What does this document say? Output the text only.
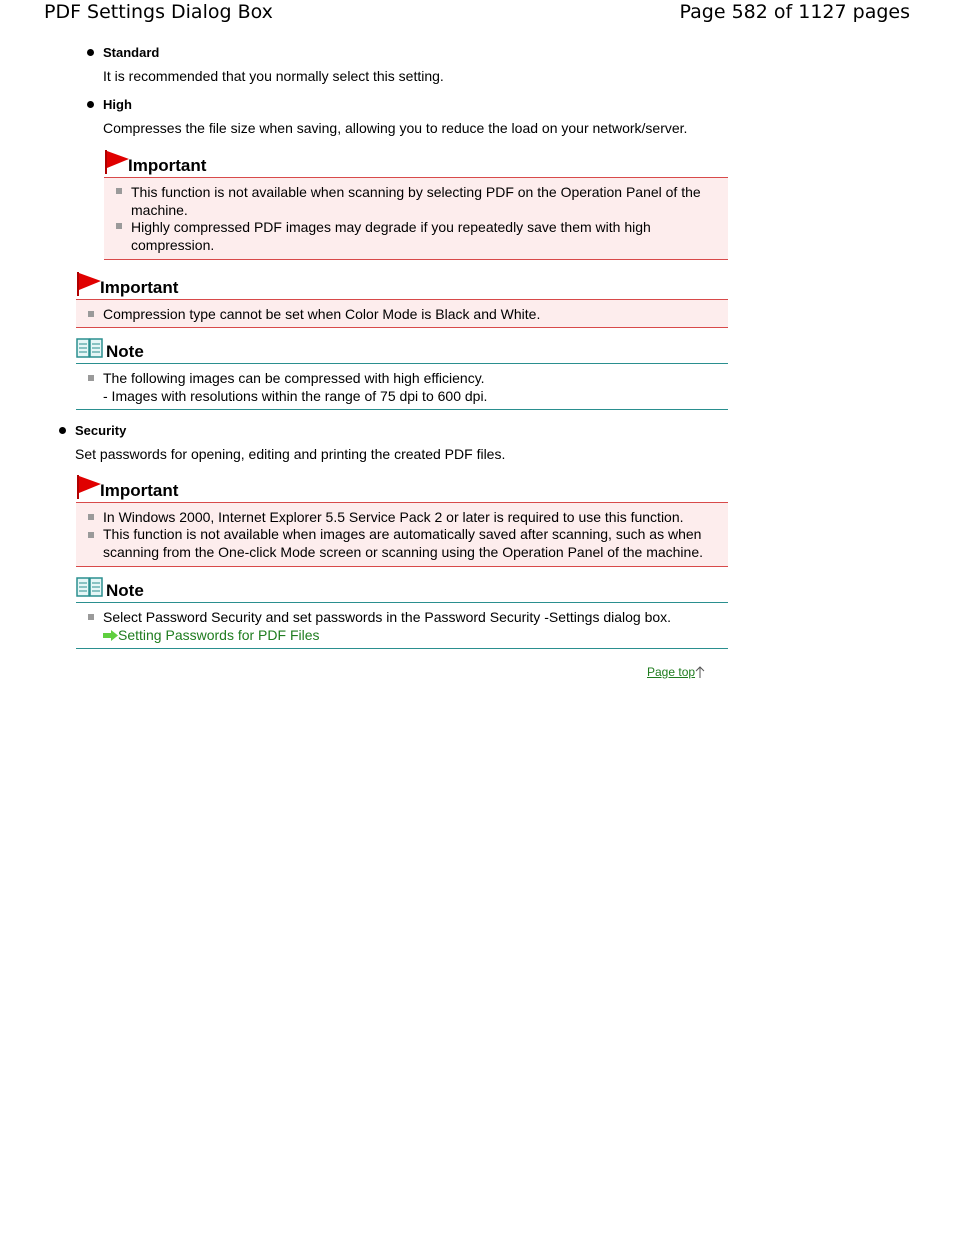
PDF Settings Dialog Box	Page 582 of 1127 pages
Standard
It is recommended that you normally select this setting.
High
Compresses the file size when saving, allowing you to reduce the load on your network/server.
Important
This function is not available when scanning by selecting PDF on the Operation Panel of the
machine.
Highly compressed PDF images may degrade if you repeatedly save them with high
compression.
Important
Compression type cannot be set when Color Mode is Black and White.
Note
The following images can be compressed with high efficiency.
- Images with resolutions within the range of 75 dpi to 600 dpi.
Security
Set passwords for opening, editing and printing the created PDF files.
Important
In Windows 2000, Internet Explorer 5.5 Service Pack 2 or later is required to use this function.
This function is not available when images are automatically saved after scanning, such as when
scanning from the One-click Mode screen or scanning using the Operation Panel of the machine.
Note
Select Password Security and set passwords in the Password Security -Settings dialog box.
Setting Passwords for PDF Files
Page top
